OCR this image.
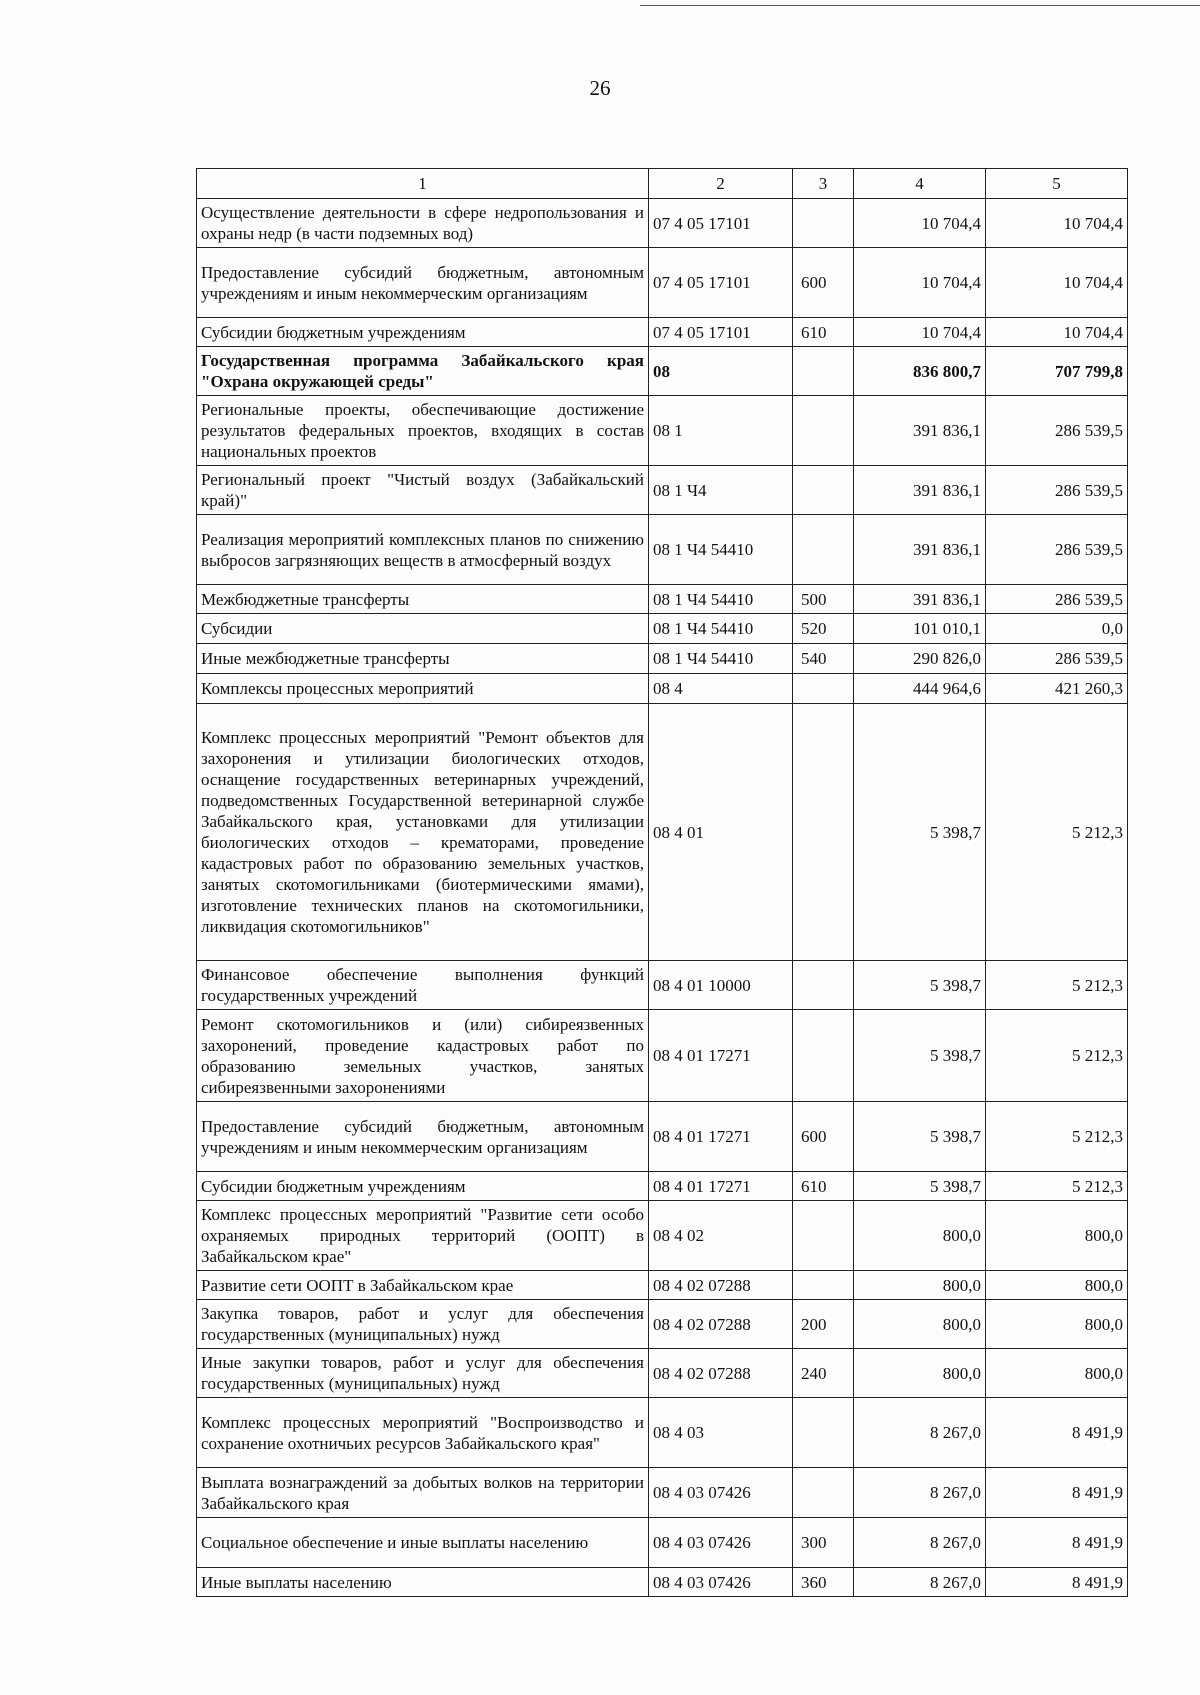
26
1	2	3	4	5
Осуществление деятельности в сфере недропользования и охраны недр (в части подземных вод)	07 4 05 17101		10 704,4	10 704,4
Предоставление субсидий бюджетным, автономным учреждениям и иным некоммерческим организациям	07 4 05 17101	600	10 704,4	10 704,4
Субсидии бюджетным учреждениям	07 4 05 17101	610	10 704,4	10 704,4
Государственная программа Забайкальского края "Охрана окружающей среды"	08		836 800,7	707 799,8
Региональные проекты, обеспечивающие достижение результатов федеральных проектов, входящих в состав национальных проектов	08 1		391 836,1	286 539,5
Региональный проект "Чистый воздух (Забайкальский край)"	08 1 Ч4		391 836,1	286 539,5
Реализация мероприятий комплексных планов по снижению выбросов загрязняющих веществ в атмосферный воздух	08 1 Ч4 54410		391 836,1	286 539,5
Межбюджетные трансферты	08 1 Ч4 54410	500	391 836,1	286 539,5
Субсидии	08 1 Ч4 54410	520	101 010,1	0,0
Иные межбюджетные трансферты	08 1 Ч4 54410	540	290 826,0	286 539,5
Комплексы процессных мероприятий	08 4		444 964,6	421 260,3
Комплекс процессных мероприятий "Ремонт объектов для захоронения и утилизации биологических отходов, оснащение государственных ветеринарных учреждений, подведомственных Государственной ветеринарной службе Забайкальского края, установками для утилизации биологических отходов – крематорами, проведение кадастровых работ по образованию земельных участков, занятых скотомогильниками (биотермическими ямами), изготовление технических планов на скотомогильники, ликвидация скотомогильников"	08 4 01		5 398,7	5 212,3
Финансовое обеспечение выполнения функций государственных учреждений	08 4 01 10000		5 398,7	5 212,3
Ремонт скотомогильников и (или) сибиреязвенных захоронений, проведение кадастровых работ по образованию земельных участков, занятых сибиреязвенными захоронениями	08 4 01 17271		5 398,7	5 212,3
Предоставление субсидий бюджетным, автономным учреждениям и иным некоммерческим организациям	08 4 01 17271	600	5 398,7	5 212,3
Субсидии бюджетным учреждениям	08 4 01 17271	610	5 398,7	5 212,3
Комплекс процессных мероприятий "Развитие сети особо охраняемых природных территорий (ООПТ) в Забайкальском крае"	08 4 02		800,0	800,0
Развитие сети ООПТ в Забайкальском крае	08 4 02 07288		800,0	800,0
Закупка товаров, работ и услуг для обеспечения государственных (муниципальных) нужд	08 4 02 07288	200	800,0	800,0
Иные закупки товаров, работ и услуг для обеспечения государственных (муниципальных) нужд	08 4 02 07288	240	800,0	800,0
Комплекс процессных мероприятий "Воспроизводство и сохранение охотничьих ресурсов Забайкальского края"	08 4 03		8 267,0	8 491,9
Выплата вознаграждений за добытых волков на территории Забайкальского края	08 4 03 07426		8 267,0	8 491,9
Социальное обеспечение и иные выплаты населению	08 4 03 07426	300	8 267,0	8 491,9
Иные выплаты населению	08 4 03 07426	360	8 267,0	8 491,9
